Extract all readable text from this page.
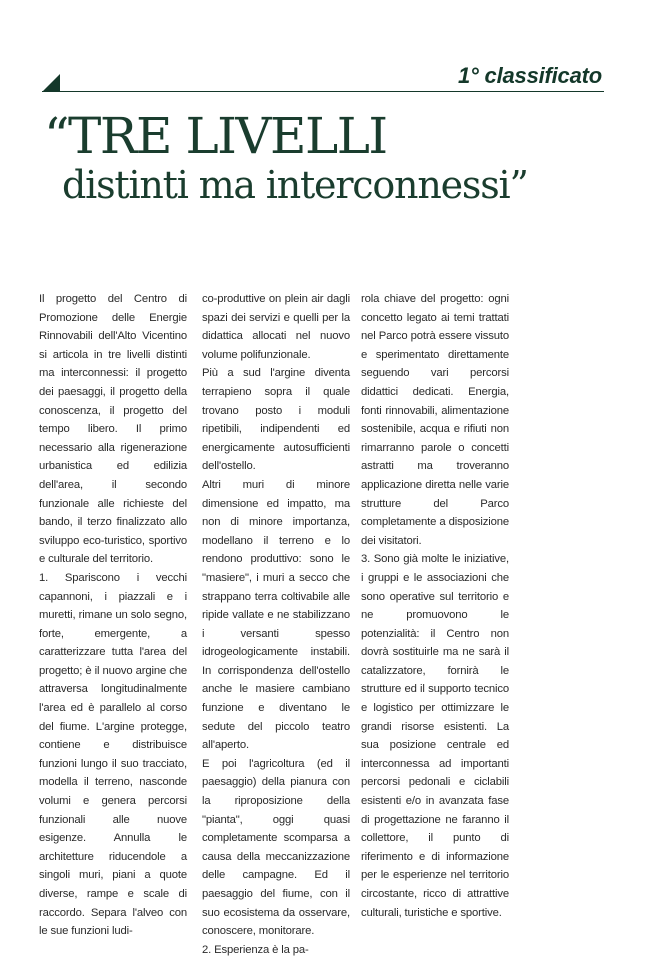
1° classificato
“TRE LIVELLI
distinti ma interconnessi”

Il progetto del Centro di Promozione delle Energie Rinnovabili dell'Alto Vicentino si articola in tre livelli distinti ma interconnessi: il progetto dei paesaggi, il progetto della conoscenza, il progetto del tempo libero. Il primo necessario alla rigenerazione urbanistica ed edilizia dell'area, il secondo funzionale alle richieste del bando, il terzo finalizzato allo sviluppo eco-turistico, sportivo e culturale del territorio.

1. Spariscono i vecchi capannoni, i piazzali e i muretti, rimane un solo segno, forte, emergente, a caratterizzare tutta l'area del progetto; è il nuovo argine che attraversa longitudinalmente l'area ed è parallelo al corso del fiume. L'argine protegge, contiene e distribuisce funzioni lungo il suo tracciato, modella il terreno, nasconde volumi e genera percorsi funzionali alle nuove esigenze. Annulla le architetture riducendole a singoli muri, piani a quote diverse, rampe e scale di raccordo. Separa l'alveo con le sue funzioni ludi-

co-produttive on plein air dagli spazi dei servizi e quelli per la didattica allocati nel nuovo volume polifunzionale.

Più a sud l'argine diventa terrapieno sopra il quale trovano posto i moduli ripetibili, indipendenti ed energicamente autosufficienti dell'ostello.

Altri muri di minore dimensione ed impatto, ma non di minore importanza, modellano il terreno e lo rendono produttivo: sono le "masiere", i muri a secco che strappano terra coltivabile alle ripide vallate e ne stabilizzano i versanti spesso idrogeologicamente instabili. In corrispondenza dell'ostello anche le masiere cambiano funzione e diventano le sedute del piccolo teatro all'aperto.

E poi l'agricoltura (ed il paesaggio) della pianura con la riproposizione della "pianta", oggi quasi completamente scomparsa a causa della meccanizzazione delle campagne. Ed il paesaggio del fiume, con il suo ecosistema da osservare, conoscere, monitorare.

2. Esperienza è la pa-

rola chiave del progetto: ogni concetto legato ai temi trattati nel Parco potrà essere vissuto e sperimentato direttamente seguendo vari percorsi didattici dedicati. Energia, fonti rinnovabili, alimentazione sostenibile, acqua e rifiuti non rimarranno parole o concetti astratti ma troveranno applicazione diretta nelle varie strutture del Parco completamente a disposizione dei visitatori.

3. Sono già molte le iniziative, i gruppi e le associazioni che sono operative sul territorio e ne promuovono le potenzialità: il Centro non dovrà sostituirle ma ne sarà il catalizzatore, fornirà le strutture ed il supporto tecnico e logistico per ottimizzare le grandi risorse esistenti. La sua posizione centrale ed interconnessa ad importanti percorsi pedonali e ciclabili esistenti e/o in avanzata fase di progettazione ne faranno il collettore, il punto di riferimento e di informazione per le esperienze nel territorio circostante, ricco di attrattive culturali, turistiche e sportive.
